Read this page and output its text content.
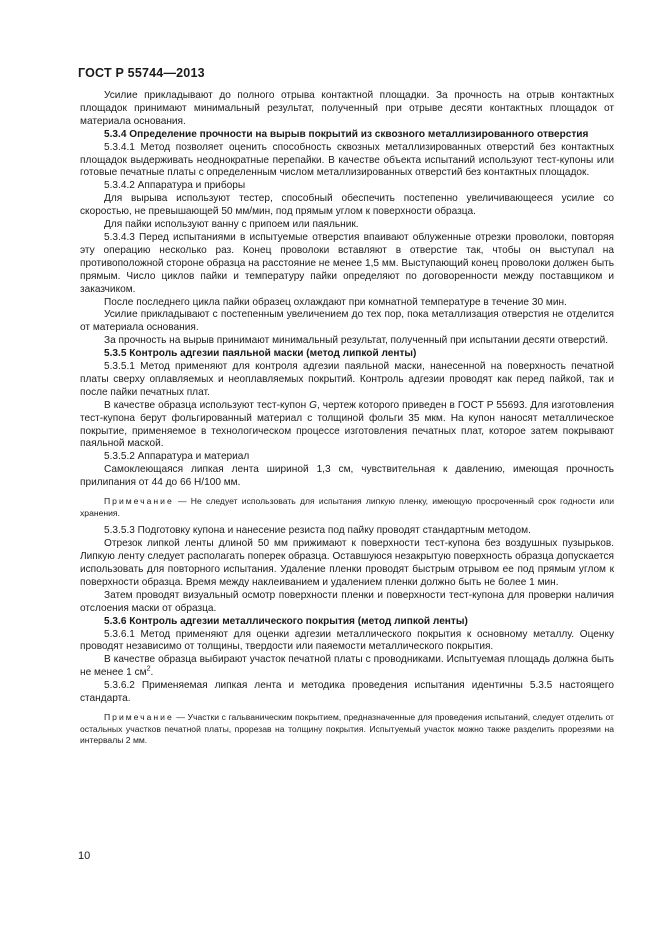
ГОСТ Р 55744—2013

Усилие прикладывают до полного отрыва контактной площадки. За прочность на отрыв контактных площадок принимают минимальный результат, полученный при отрыве десяти контактных площадок от материала основания.

5.3.4 Определение прочности на вырыв покрытий из сквозного металлизированного отверстия

5.3.4.1 Метод позволяет оценить способность сквозных металлизированных отверстий без контактных площадок выдерживать неоднократные перепайки. В качестве объекта испытаний используют тест-купоны или готовые печатные платы с определенным числом металлизированных отверстий без контактных площадок.

5.3.4.2 Аппаратура и приборы

Для вырыва используют тестер, способный обеспечить постепенно увеличивающееся усилие со скоростью, не превышающей 50 мм/мин, под прямым углом к поверхности образца.

Для пайки используют ванну с припоем или паяльник.

5.3.4.3 Перед испытаниями в испытуемые отверстия впаивают облуженные отрезки проволоки, повторяя эту операцию несколько раз. Конец проволоки вставляют в отверстие так, чтобы он выступал на противоположной стороне образца на расстояние не менее 1,5 мм. Выступающий конец проволоки должен быть прямым. Число циклов пайки и температуру пайки определяют по договоренности между поставщиком и заказчиком.

После последнего цикла пайки образец охлаждают при комнатной температуре в течение 30 мин.

Усилие прикладывают с постепенным увеличением до тех пор, пока металлизация отверстия не отделится от материала основания.

За прочность на вырыв принимают минимальный результат, полученный при испытании десяти отверстий.

5.3.5 Контроль адгезии паяльной маски (метод липкой ленты)

5.3.5.1 Метод применяют для контроля адгезии паяльной маски, нанесенной на поверхность печатной платы сверху оплавляемых и неоплавляемых покрытий. Контроль адгезии проводят как перед пайкой, так и после пайки печатных плат.

В качестве образца используют тест-купон G, чертеж которого приведен в ГОСТ Р 55693. Для изготовления тест-купона берут фольгированный материал с толщиной фольги 35 мкм. На купон наносят металлическое покрытие, применяемое в технологическом процессе изготовления печатных плат, которое затем покрывают паяльной маской.

5.3.5.2 Аппаратура и материал

Самоклеющаяся липкая лента шириной 1,3 см, чувствительная к давлению, имеющая прочность прилипания от 44 до 66 Н/100 мм.

Примечание — Не следует использовать для испытания липкую пленку, имеющую просроченный срок годности или хранения.

5.3.5.3 Подготовку купона и нанесение резиста под пайку проводят стандартным методом.

Отрезок липкой ленты длиной 50 мм прижимают к поверхности тест-купона без воздушных пузырьков. Липкую ленту следует располагать поперек образца. Оставшуюся незакрытую поверхность образца допускается использовать для повторного испытания. Удаление пленки проводят быстрым отрывом ее под прямым углом к поверхности образца. Время между наклеиванием и удалением пленки должно быть не более 1 мин.

Затем проводят визуальный осмотр поверхности пленки и поверхности тест-купона для проверки наличия отслоения маски от образца.

5.3.6 Контроль адгезии металлического покрытия (метод липкой ленты)

5.3.6.1 Метод применяют для оценки адгезии металлического покрытия к основному металлу. Оценку проводят независимо от толщины, твердости или паяемости металлического покрытия.

В качестве образца выбирают участок печатной платы с проводниками. Испытуемая площадь должна быть не менее 1 $см^2$.

5.3.6.2 Применяемая липкая лента и методика проведения испытания идентичны 5.3.5 настоящего стандарта.

Примечание — Участки с гальваническим покрытием, предназначенные для проведения испытаний, следует отделить от остальных участков печатной платы, прорезав на толщину покрытия. Испытуемый участок можно также разделить прорезями на интервалы 2 мм.

10
